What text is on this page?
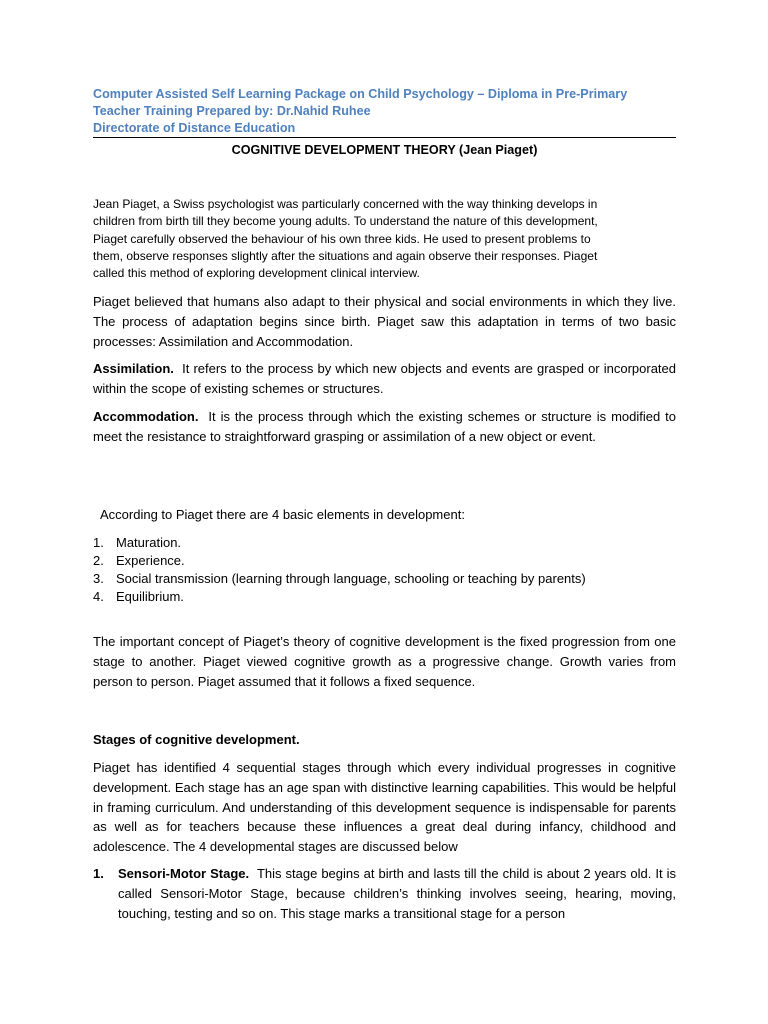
Computer Assisted Self Learning Package on Child Psychology – Diploma in Pre-Primary
Teacher Training Prepared by: Dr.Nahid Ruhee
Directorate of Distance Education
COGNITIVE DEVELOPMENT THEORY (Jean Piaget)
Jean Piaget, a Swiss psychologist was particularly concerned with the way thinking develops in
children from birth till they become young adults. To understand the nature of this development,
Piaget carefully observed the behaviour of his own three kids. He used to present problems to
them, observe responses slightly after the situations and again observe their responses. Piaget
called this method of exploring development clinical interview.
Piaget believed that humans also adapt to their physical and social environments in which they live. The process of adaptation begins since birth. Piaget saw this adaptation in terms of two basic processes: Assimilation and Accommodation.
Assimilation. It refers to the process by which new objects and events are grasped or incorporated within the scope of existing schemes or structures.
Accommodation. It is the process through which the existing schemes or structure is modified to meet the resistance to straightforward grasping or assimilation of a new object or event.
According to Piaget there are 4 basic elements in development:
1. Maturation.
2. Experience.
3. Social transmission (learning through language, schooling or teaching by parents)
4. Equilibrium.
The important concept of Piaget’s theory of cognitive development is the fixed progression from one stage to another. Piaget viewed cognitive growth as a progressive change. Growth varies from person to person. Piaget assumed that it follows a fixed sequence.
Stages of cognitive development.
Piaget has identified 4 sequential stages through which every individual progresses in cognitive development. Each stage has an age span with distinctive learning capabilities. This would be helpful in framing curriculum. And understanding of this development sequence is indispensable for parents as well as for teachers because these influences a great deal during infancy, childhood and adolescence. The 4 developmental stages are discussed below
1.	Sensori-Motor Stage. This stage begins at birth and lasts till the child is about 2 years old. It is called Sensori-Motor Stage, because children’s thinking involves seeing, hearing, moving, touching, testing and so on. This stage marks a transitional stage for a person
